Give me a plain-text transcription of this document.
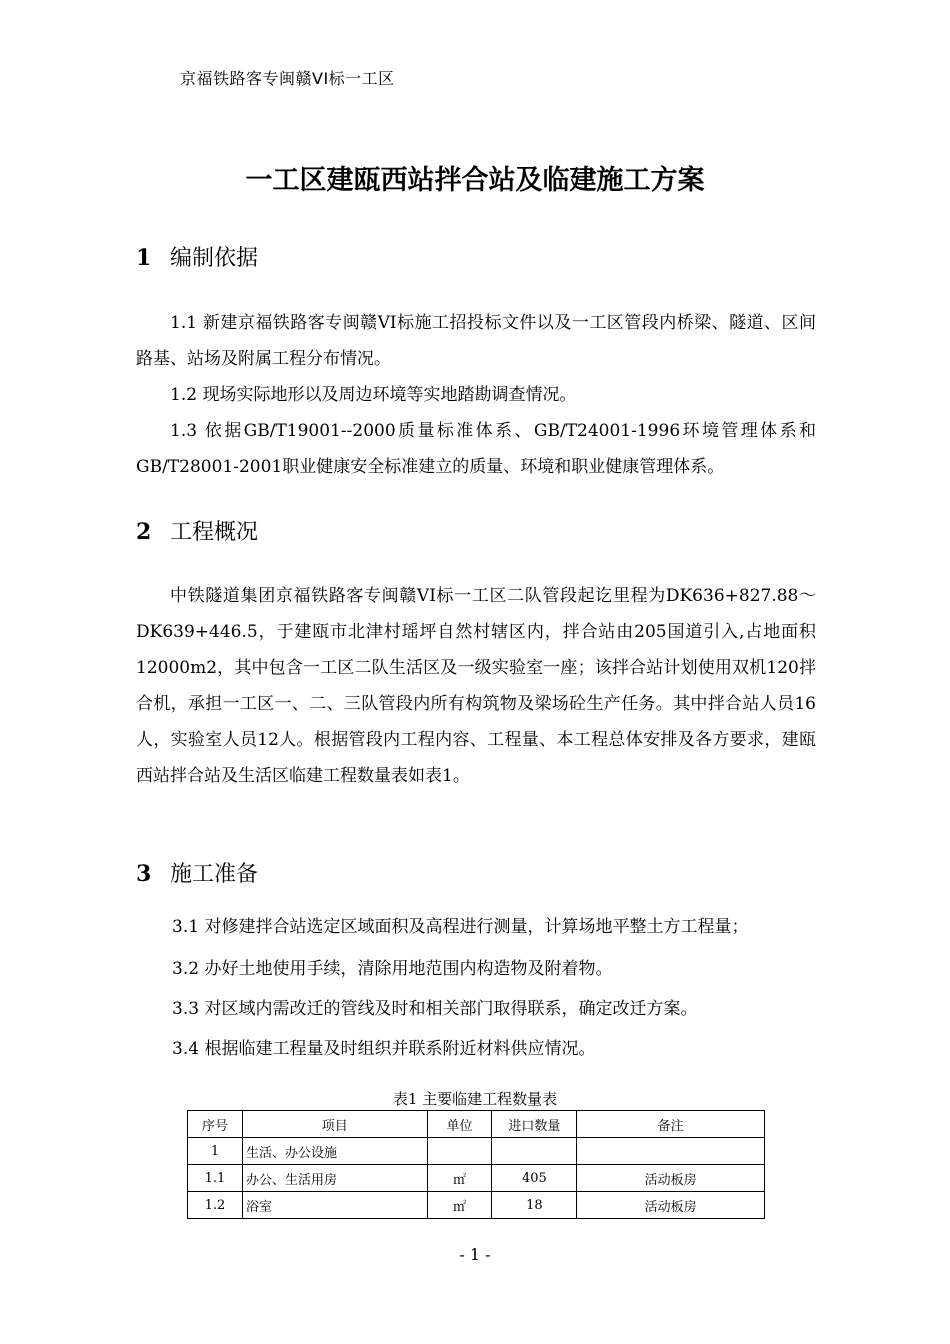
京福铁路客专闽赣VI标一工区
一工区建瓯西站拌合站及临建施工方案
1 编制依据

1.1 新建京福铁路客专闽赣VI标施工招投标文件以及一工区管段内桥梁、隧道、区间路基、站场及附属工程分布情况。

1.2 现场实际地形以及周边环境等实地踏勘调查情况。

1.3 依据GB/T19001--2000质量标准体系、GB/T24001-1996环境管理体系和GB/T28001-2001职业健康安全标准建立的质量、环境和职业健康管理体系。

2 工程概况

中铁隧道集团京福铁路客专闽赣VI标一工区二队管段起讫里程为DK636+827.88～DK639+446.5，于建瓯市北津村瑶坪自然村辖区内，拌合站由205国道引入,占地面积12000m2，其中包含一工区二队生活区及一级实验室一座；该拌合站计划使用双机120拌合机，承担一工区一、二、三队管段内所有构筑物及梁场砼生产任务。其中拌合站人员16人，实验室人员12人。根据管段内工程内容、工程量、本工程总体安排及各方要求，建瓯西站拌合站及生活区临建工程数量表如表1。

3 施工准备
3.1 对修建拌合站选定区域面积及高程进行测量，计算场地平整土方工程量；
3.2 办好土地使用手续，清除用地范围内构造物及附着物。
3.3 对区域内需改迁的管线及时和相关部门取得联系，确定改迁方案。
3.4 根据临建工程量及时组织并联系附近材料供应情况。
表1 主要临建工程数量表
序号	项目	单位	进口数量	备注
1	生活、办公设施			
1.1	办公、生活用房	㎡	405	活动板房
1.2	浴室	㎡	18	活动板房
- 1 -
